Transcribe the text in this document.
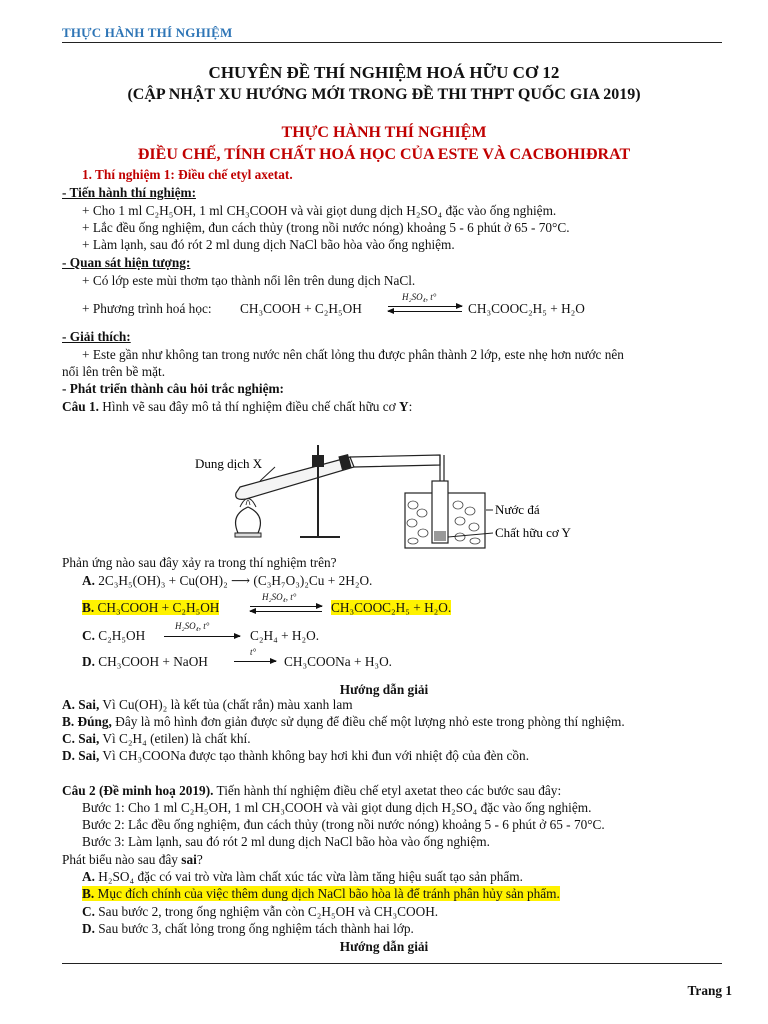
THỰC HÀNH THÍ NGHIỆM
CHUYÊN ĐỀ THÍ NGHIỆM HOÁ HỮU CƠ 12
(CẬP NHẬT XU HƯỚNG MỚI TRONG ĐỀ THI THPT QUỐC GIA 2019)
THỰC HÀNH THÍ NGHIỆM
ĐIỀU CHẾ, TÍNH CHẤT HOÁ HỌC CỦA ESTE VÀ CACBOHIĐRAT
1. Thí nghiệm 1: Điều chế etyl axetat.
- Tiến hành thí nghiệm:
+ Cho 1 ml C₂H₅OH, 1 ml CH₃COOH và vài giọt dung dịch H₂SO₄ đặc vào ống nghiệm.
+ Lắc đều ống nghiệm, đun cách thủy (trong nồi nước nóng) khoảng 5 - 6 phút ở 65 - 70°C.
+ Làm lạnh, sau đó rót 2 ml dung dịch NaCl bão hòa vào ống nghiệm.
- Quan sát hiện tượng:
+ Có lớp este mùi thơm tạo thành nổi lên trên dung dịch NaCl.
+ Phương trình hoá học: CH₃COOH + C₂H₅OH
H₂SO₄, t°
CH₃COOC₂H₅ + H₂O
- Giải thích:
+ Este gần như không tan trong nước nên chất lỏng thu được phân thành 2 lớp, este nhẹ hơn nước nên
nổi lên trên bề mặt.
- Phát triển thành câu hỏi trắc nghiệm:
Câu 1. Hình vẽ sau đây mô tả thí nghiệm điều chế chất hữu cơ Y:
Dung dịch X
Nước đá
Chất hữu cơ Y
Phản ứng nào sau đây xảy ra trong thí nghiệm trên?
A. 2C₃H₅(OH)₃ + Cu(OH)₂ ⟶ (C₃H₇O₃)₂Cu + 2H₂O.
B. CH₃COOH + C₂H₅OH
H₂SO₄, t°
CH₃COOC₂H₅ + H₂O.
C. C₂H₅OH
H₂SO₄, t°
C₂H₄ + H₂O.
D. CH₃COOH + NaOH
t°
CH₃COONa + H₃O.
Hướng dẫn giải
A. Sai, Vì Cu(OH)₂ là kết tủa (chất rắn) màu xanh lam
B. Đúng, Đây là mô hình đơn giản được sử dụng để điều chế một lượng nhỏ este trong phòng thí nghiệm.
C. Sai, Vì C₂H₄ (etilen) là chất khí.
D. Sai, Vì CH₃COONa được tạo thành không bay hơi khi đun với nhiệt độ của đèn cồn.
Câu 2 (Đề minh hoạ 2019). Tiến hành thí nghiệm điều chế etyl axetat theo các bước sau đây:
Bước 1: Cho 1 ml C₂H₅OH, 1 ml CH₃COOH và vài giọt dung dịch H₂SO₄ đặc vào ống nghiệm.
Bước 2: Lắc đều ống nghiệm, đun cách thủy (trong nồi nước nóng) khoảng 5 - 6 phút ở 65 - 70°C.
Bước 3: Làm lạnh, sau đó rót 2 ml dung dịch NaCl bão hòa vào ống nghiệm.
Phát biểu nào sau đây sai?
A. H₂SO₄ đặc có vai trò vừa làm chất xúc tác vừa làm tăng hiệu suất tạo sản phẩm.
B. Mục đích chính của việc thêm dung dịch NaCl bão hòa là để tránh phân hủy sản phẩm.
C. Sau bước 2, trong ống nghiệm vẫn còn C₂H₅OH và CH₃COOH.
D. Sau bước 3, chất lỏng trong ống nghiệm tách thành hai lớp.
Hướng dẫn giải
Trang 1
